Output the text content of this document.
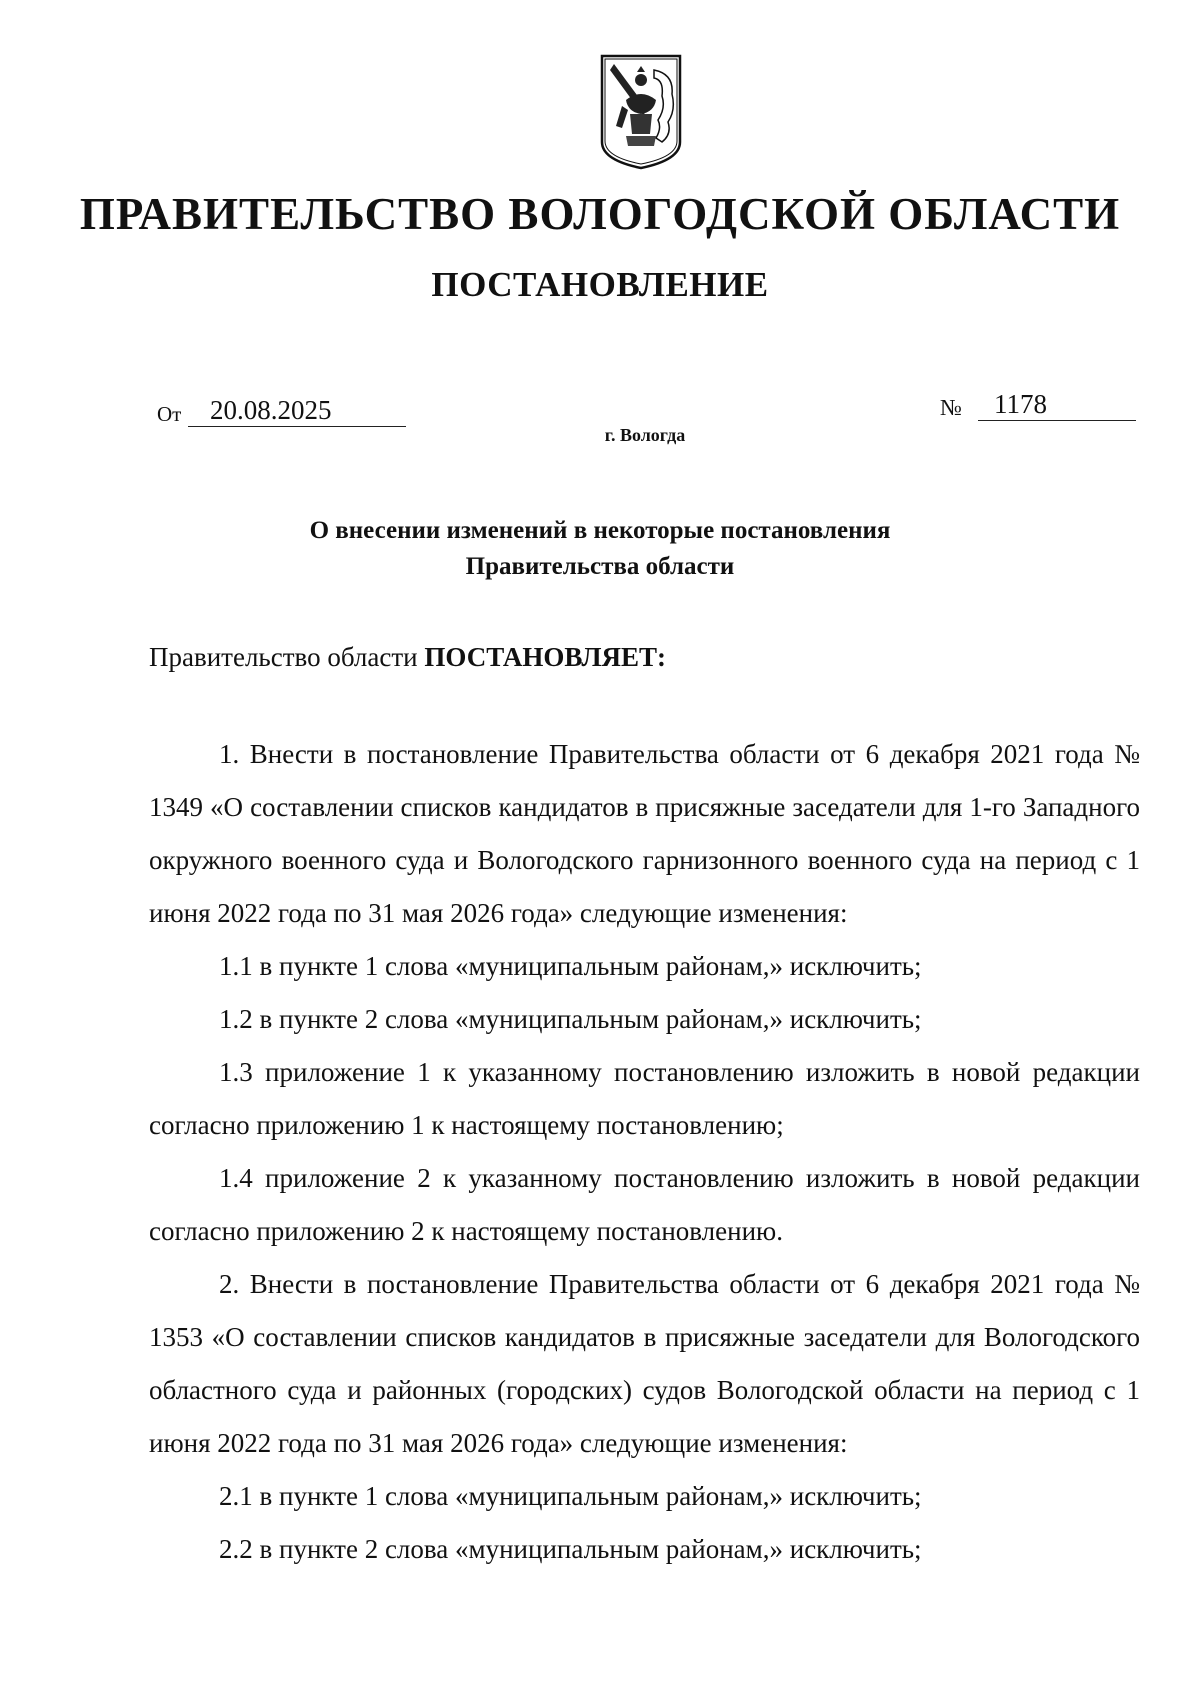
ПРАВИТЕЛЬСТВО ВОЛОГОДСКОЙ ОБЛАСТИ
ПОСТАНОВЛЕНИЕ
От	20.08.2025	№	1178
г. Вологда
О внесении изменений в некоторые постановления
Правительства области
Правительство области ПОСТАНОВЛЯЕТ:

1. Внести в постановление Правительства области от 6 декабря 2021 года № 1349 «О составлении списков кандидатов в присяжные заседатели для 1-го Западного окружного военного суда и Вологодского гарнизонного военного суда на период с 1 июня 2022 года по 31 мая 2026 года» следующие изменения:

1.1 в пункте 1 слова «муниципальным районам,» исключить;

1.2 в пункте 2 слова «муниципальным районам,» исключить;

1.3 приложение 1 к указанному постановлению изложить в новой редакции согласно приложению 1 к настоящему постановлению;

1.4 приложение 2 к указанному постановлению изложить в новой редакции согласно приложению 2 к настоящему постановлению.

2. Внести в постановление Правительства области от 6 декабря 2021 года № 1353 «О составлении списков кандидатов в присяжные заседатели для Вологодского областного суда и районных (городских) судов Вологодской области на период с 1 июня 2022 года по 31 мая 2026 года» следующие изменения:

2.1 в пункте 1 слова «муниципальным районам,» исключить;

2.2 в пункте 2 слова «муниципальным районам,» исключить;
